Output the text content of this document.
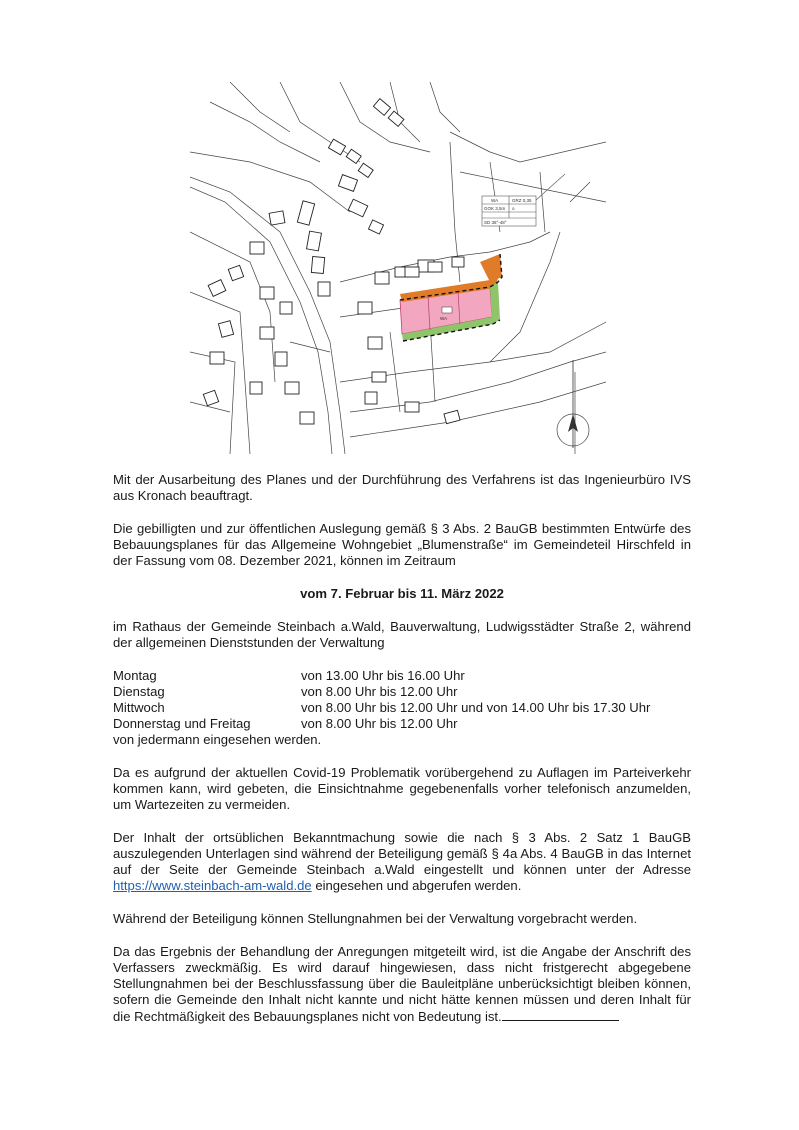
WA	GRZ 0,35
GOK 3,5m o
SD 38°-48°
WA

Mit der Ausarbeitung des Planes und der Durchführung des Verfahrens ist das Ingenieurbüro IVS aus Kronach beauftragt.

Die gebilligten und zur öffentlichen Auslegung gemäß § 3 Abs. 2 BauGB bestimmten Entwürfe des Bebauungsplanes für das Allgemeine Wohngebiet „Blumenstraße“ im Gemeindeteil Hirschfeld in der Fassung vom 08. Dezember 2021, können im Zeitraum

vom 7. Februar bis 11. März 2022

im Rathaus der Gemeinde Steinbach a.Wald, Bauverwaltung, Ludwigsstädter Straße 2, während der allgemeinen Dienststunden der Verwaltung

Montag	von 13.00 Uhr bis 16.00 Uhr
Dienstag	von 8.00 Uhr bis 12.00 Uhr
Mittwoch	von 8.00 Uhr bis 12.00 Uhr und von 14.00 Uhr bis 17.30 Uhr
Donnerstag und Freitag	von 8.00 Uhr bis 12.00 Uhr

von jedermann eingesehen werden.

Da es aufgrund der aktuellen Covid-19 Problematik vorübergehend zu Auflagen im Parteiverkehr kommen kann, wird gebeten, die Einsichtnahme gegebenenfalls vorher telefonisch anzumelden, um Wartezeiten zu vermeiden.

Der Inhalt der ortsüblichen Bekanntmachung sowie die nach § 3 Abs. 2 Satz 1 BauGB auszulegenden Unterlagen sind während der Beteiligung gemäß § 4a Abs. 4 BauGB in das Internet auf der Seite der Gemeinde Steinbach a.Wald eingestellt und können unter der Adresse https://www.steinbach-am-wald.de eingesehen und abgerufen werden.

Während der Beteiligung können Stellungnahmen bei der Verwaltung vorgebracht werden.

Da das Ergebnis der Behandlung der Anregungen mitgeteilt wird, ist die Angabe der Anschrift des Verfassers zweckmäßig. Es wird darauf hingewiesen, dass nicht fristgerecht abgegebene Stellungnahmen bei der Beschlussfassung über die Bauleitpläne unberücksichtigt bleiben können, sofern die Gemeinde den Inhalt nicht kannte und nicht hätte kennen müssen und deren Inhalt für die Rechtmäßigkeit des Bebauungsplanes nicht von Bedeutung ist.
